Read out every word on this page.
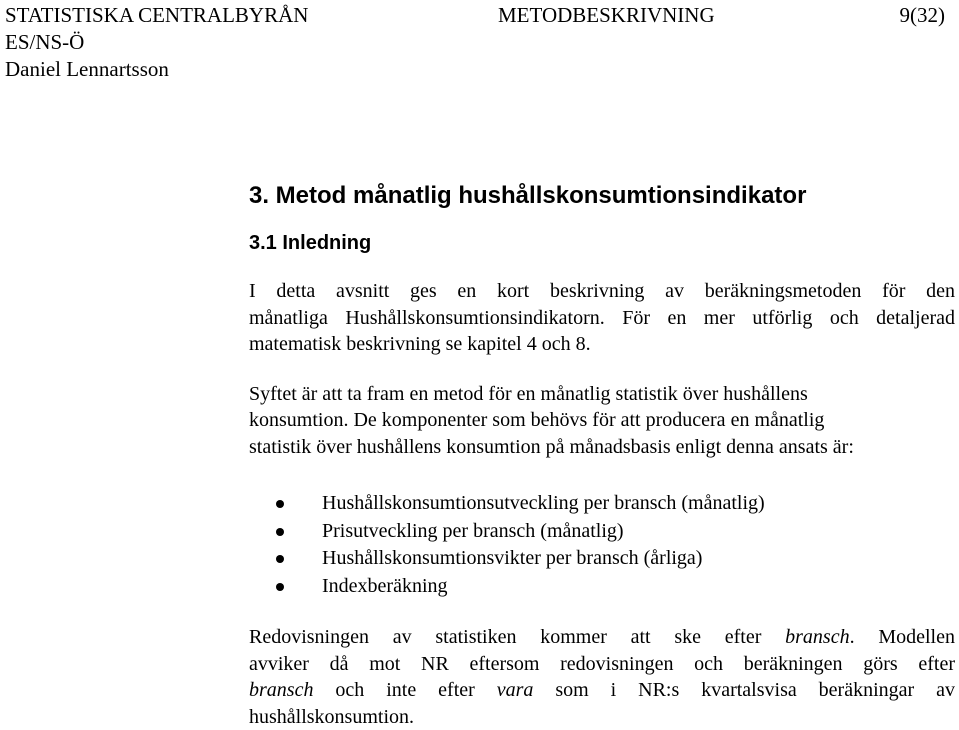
STATISTISKA CENTRALBYRÅN	METODBESKRIVNING	9(32)
ES/NS-Ö
Daniel Lennartsson
3. Metod månatlig hushållskonsumtionsindikator
3.1 Inledning

I detta avsnitt ges en kort beskrivning av beräkningsmetoden för den
månatliga Hushållskonsumtionsindikatorn. För en mer utförlig och detaljerad
matematisk beskrivning se kapitel 4 och 8.

Syftet är att ta fram en metod för en månatlig statistik över hushållens
konsumtion. De komponenter som behövs för att producera en månatlig
statistik över hushållens konsumtion på månadsbasis enligt denna ansats är:

Hushållskonsumtionsutveckling per bransch (månatlig)
Prisutveckling per bransch (månatlig)
Hushållskonsumtionsvikter per bransch (årliga)
Indexberäkning

Redovisningen av statistiken kommer att ske efter bransch. Modellen
avviker då mot NR eftersom redovisningen och beräkningen görs efter
bransch och inte efter vara som i NR:s kvartalsvisa beräkningar av
hushållskonsumtion.
